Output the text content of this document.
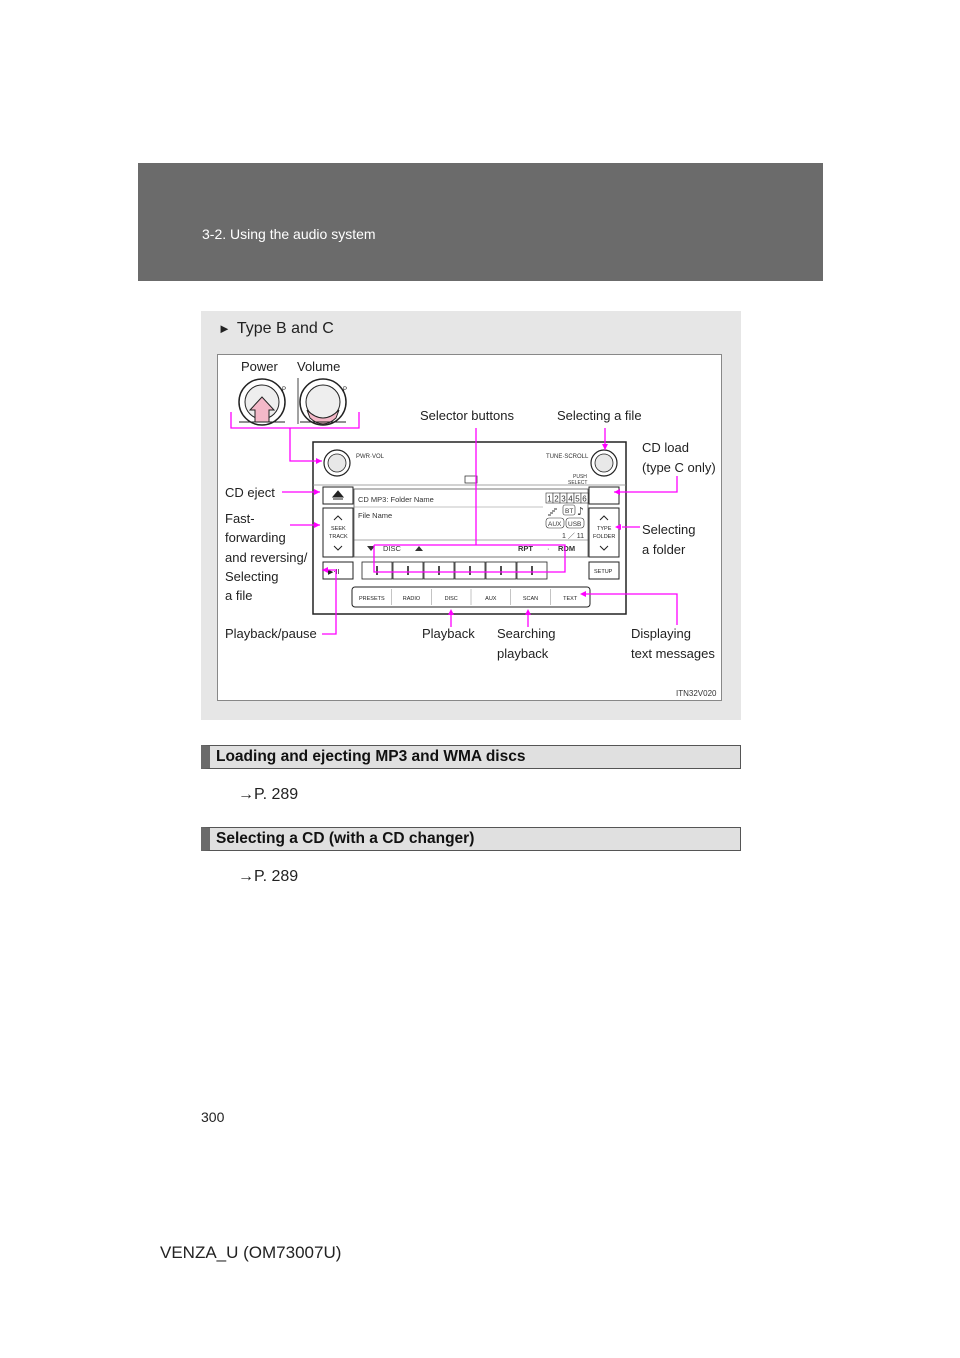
3-2. Using the audio system
► Type B and C
P	P
PWR·VOL	TUNE·SCROLL
PUSH
SELECT
CD MP3: Folder Name
File Name
1 2 3 4 5 6
BT ♪
AUX USB
1 ／ 11
DISC	RPT · RDM
SEEK
TRACK
TYPE
FOLDER
▶·II	SETUP
PRESETS	RADIO	DISC	AUX	SCAN	TEXT
Power Volume
Selector buttons	Selecting a file
CD load
(type C only)
CD eject
Fast-
forwarding
and reversing/
Selecting
a file
Selecting
a folder
Playback/pause	Playback Searching
playback
Displaying
text messages
ITN32V020
Loading and ejecting MP3 and WMA discs
→P. 289
Selecting a CD (with a CD changer)
→P. 289
300
VENZA_U (OM73007U)
